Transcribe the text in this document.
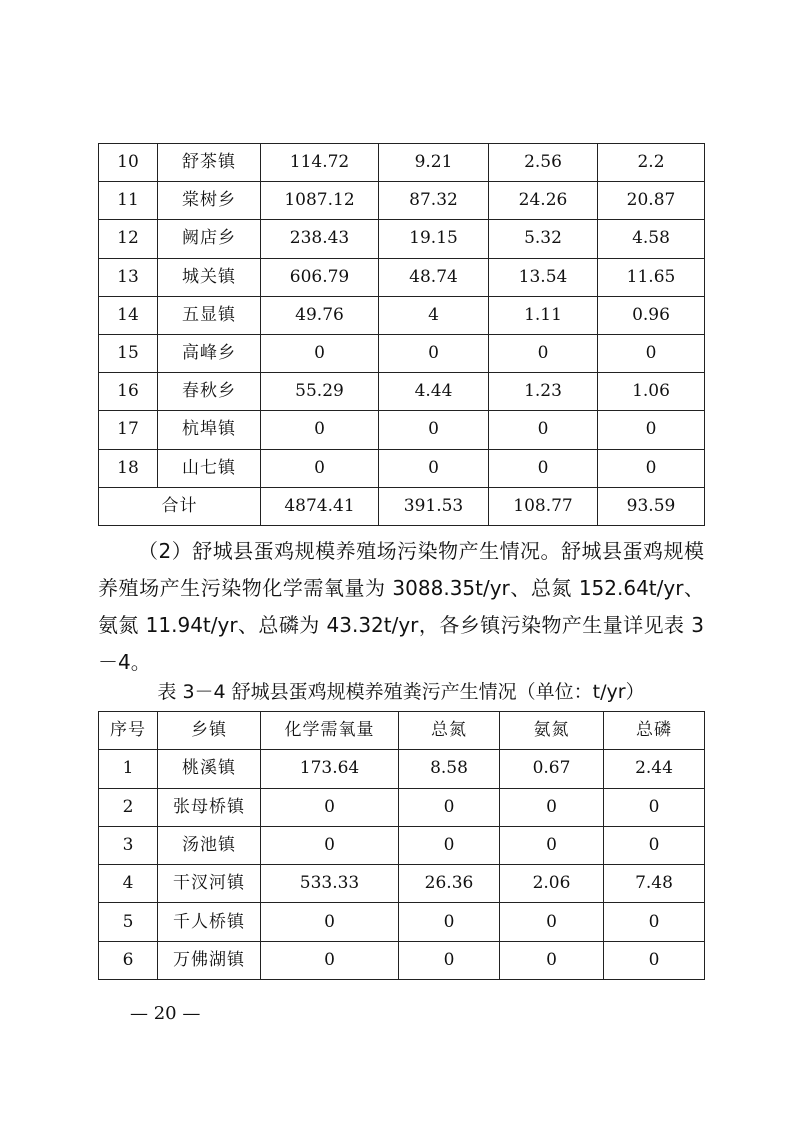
10	舒茶镇	114.72	9.21	2.56	2.2
11	棠树乡	1087.12	87.32	24.26	20.87
12	阙店乡	238.43	19.15	5.32	4.58
13	城关镇	606.79	48.74	13.54	11.65
14	五显镇	49.76	4	1.11	0.96
15	高峰乡	0	0	0	0
16	春秋乡	55.29	4.44	1.23	1.06
17	杭埠镇	0	0	0	0
18	山七镇	0	0	0	0
合计		4874.41	391.53	108.77	93.59

（2）舒城县蛋鸡规模养殖场污染物产生情况。舒城县蛋鸡规模养殖场产生污染物化学需氧量为 3088.35t/yr、总氮 152.64t/yr、氨氮 11.94t/yr、总磷为 43.32t/yr，各乡镇污染物产生量详见表 3－4。

表 3－4 舒城县蛋鸡规模养殖粪污产生情况（单位：t/yr）
序号	乡镇	化学需氧量	总氮	氨氮	总磷
1	桃溪镇	173.64	8.58	0.67	2.44
2	张母桥镇	0	0	0	0
3	汤池镇	0	0	0	0
4	干汊河镇	533.33	26.36	2.06	7.48
5	千人桥镇	0	0	0	0
6	万佛湖镇	0	0	0	0
— 20 —
